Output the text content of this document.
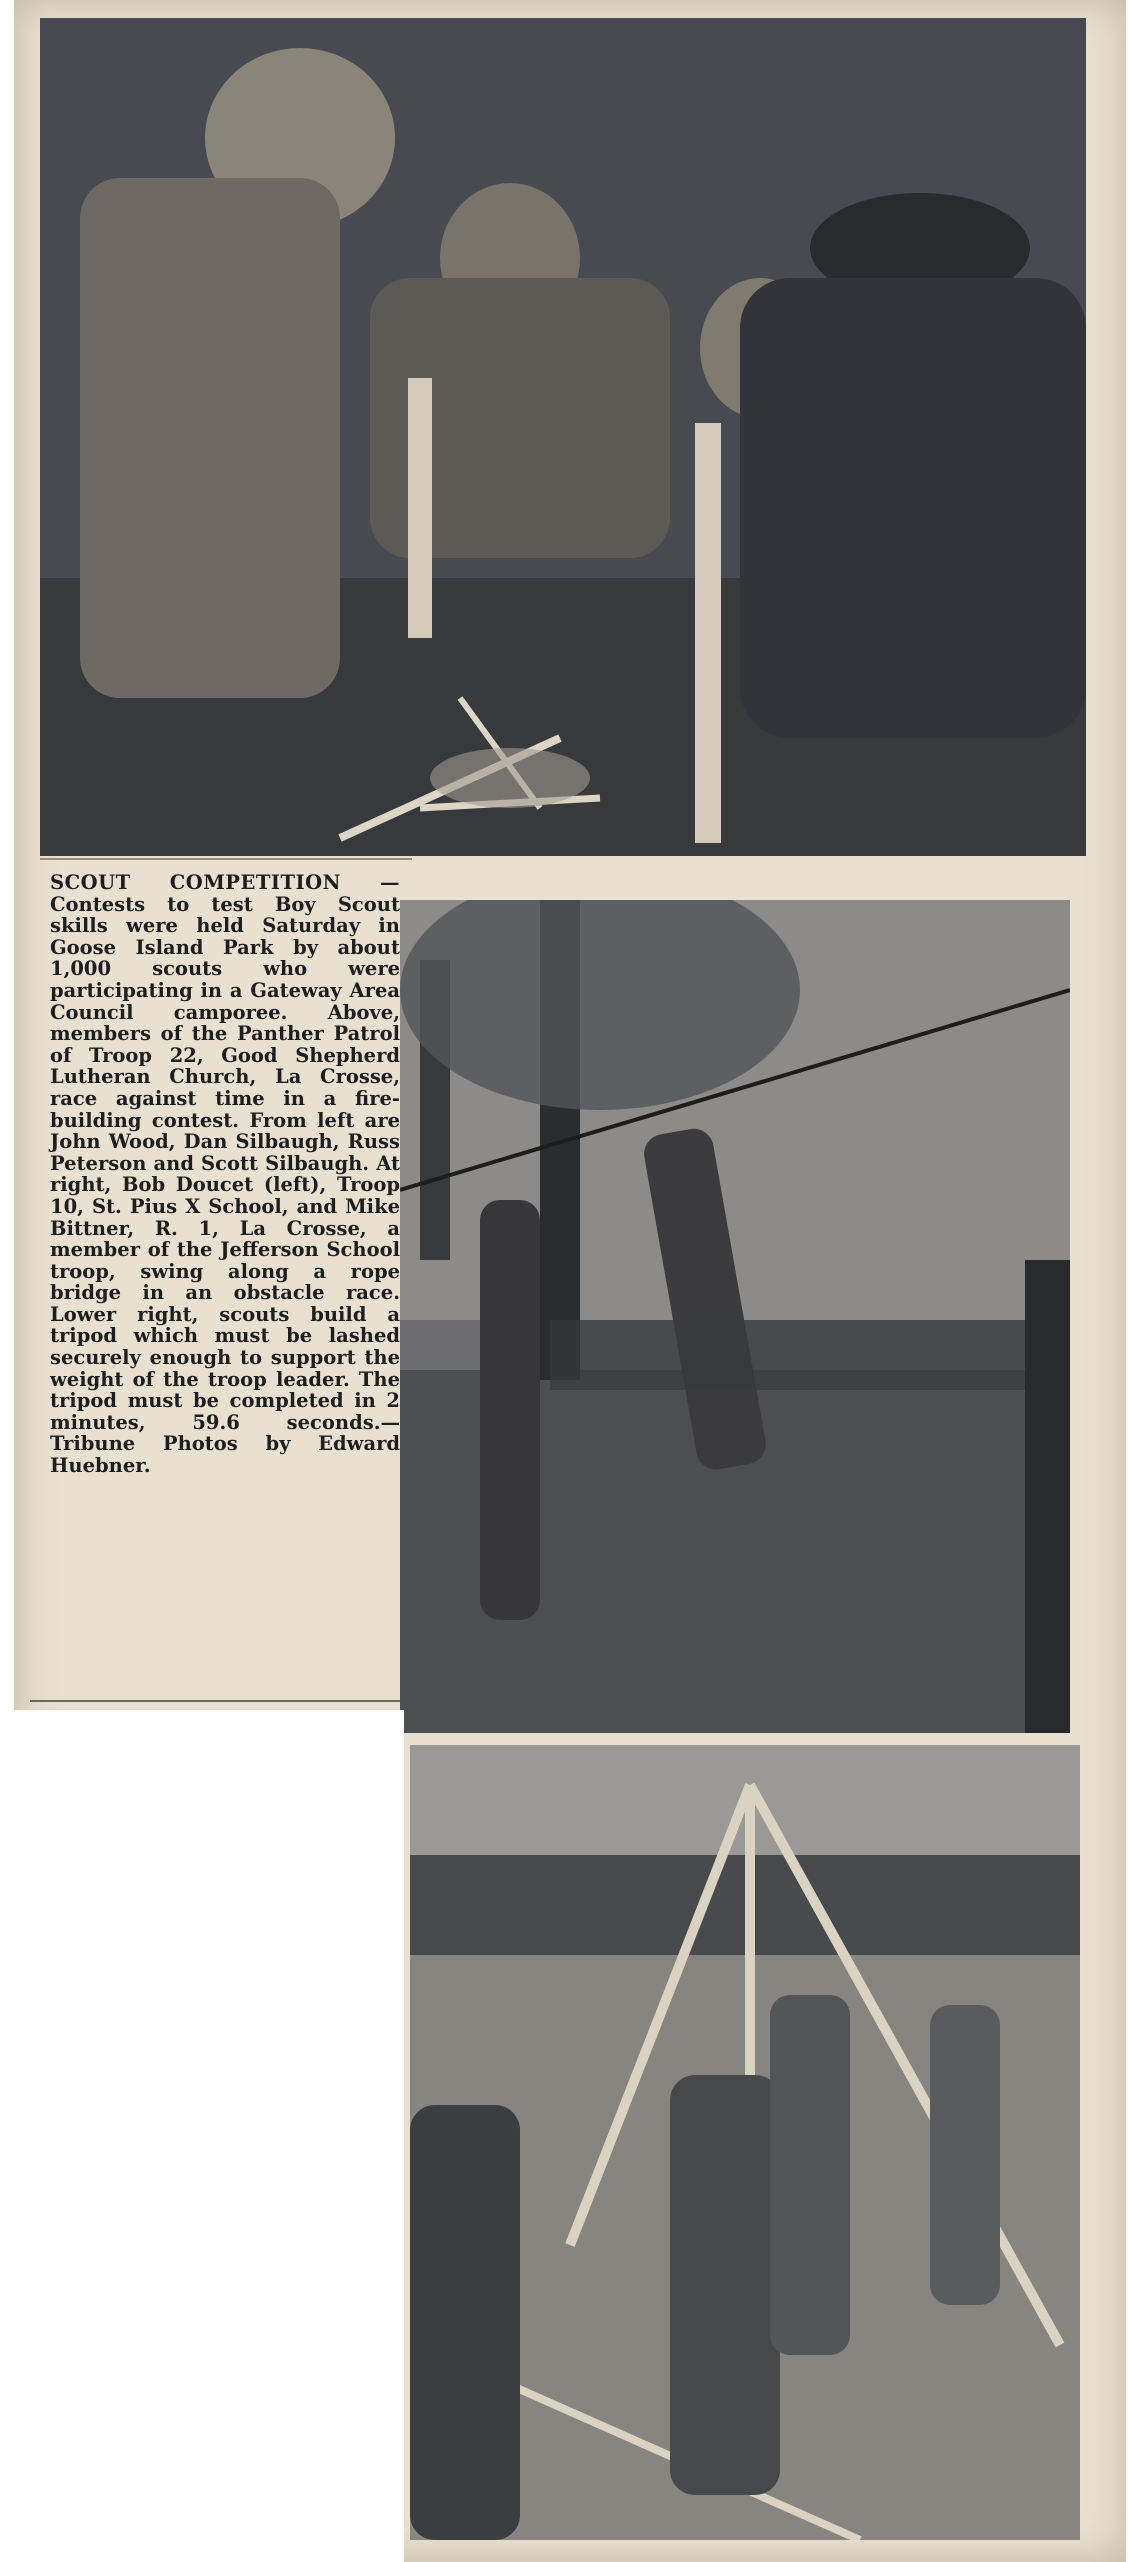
SCOUT COMPETITION — Contests to test Boy Scout skills were held Saturday in Goose Island Park by about 1,000 scouts who were participating in a Gateway Area Council camporee. Above, members of the Panther Patrol of Troop 22, Good Shepherd Lutheran Church, La Crosse, race against time in a fire-building contest. From left are John Wood, Dan Silbaugh, Russ Peterson and Scott Silbaugh. At right, Bob Doucet (left), Troop 10, St. Pius X School, and Mike Bittner, R. 1, La Crosse, a member of the Jefferson School troop, swing along a rope bridge in an obstacle race. Lower right, scouts build a tripod which must be lashed securely enough to support the weight of the troop leader. The tripod must be completed in 2 minutes, 59.6 seconds.—Tribune Photos by Edward Huebner.
